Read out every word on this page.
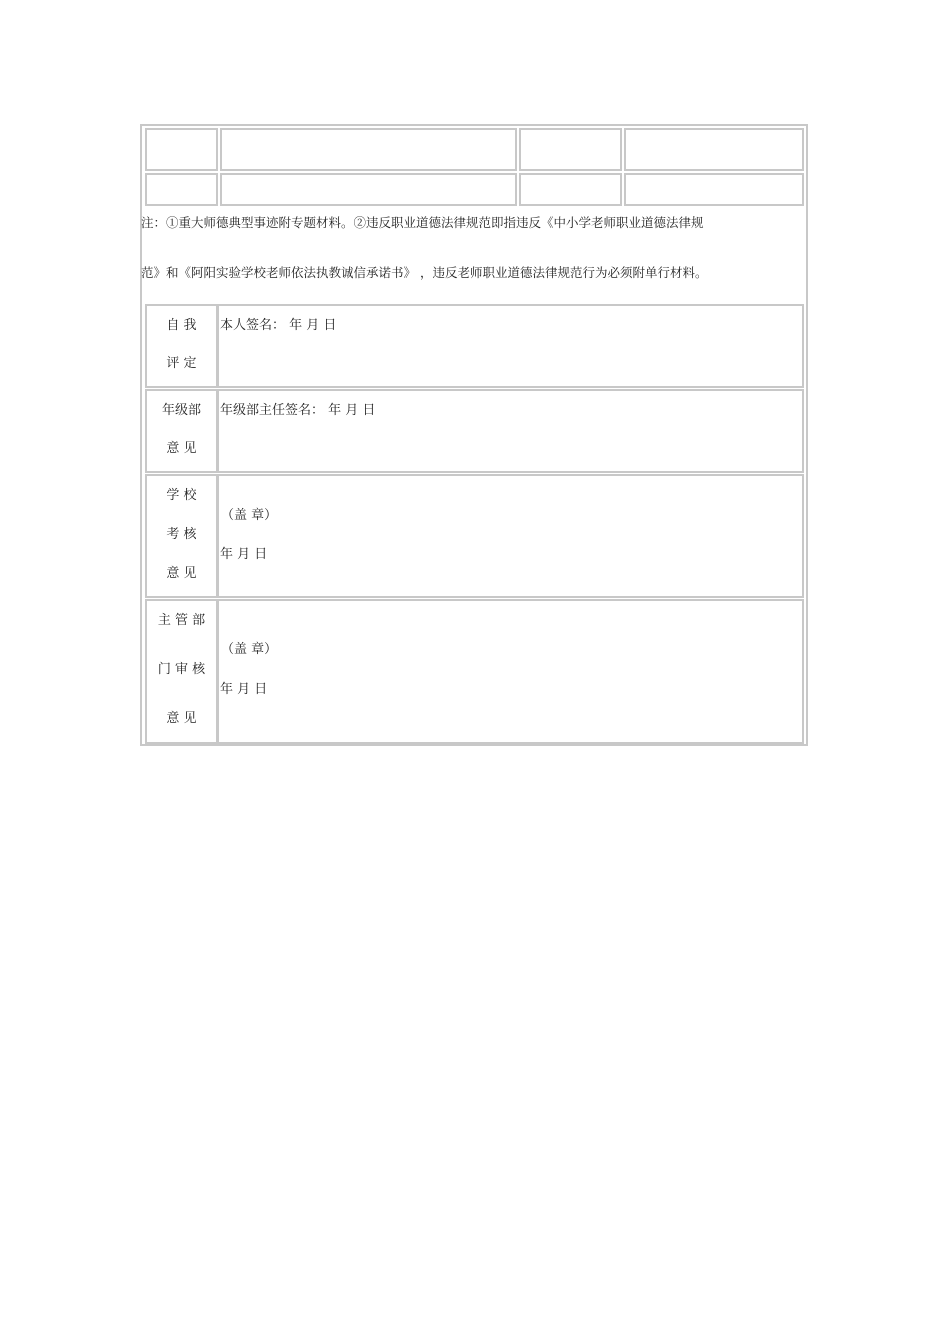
注：①重大师德典型事迹附专题材料。②违反职业道德法律规范即指违反《中小学老师职业道德法律规
范》和《阿阳实验学校老师依法执教诚信承诺书》 ，违反老师职业道德法律规范行为必须附单行材料。
自 我
评 定
本人签名： 年 月 日
年级部
意 见
年级部主任签名： 年 月 日
学 校
考 核
意 见
（盖 章）
年 月 日
主 管 部
门 审 核
意 见
（盖 章）
年 月 日
